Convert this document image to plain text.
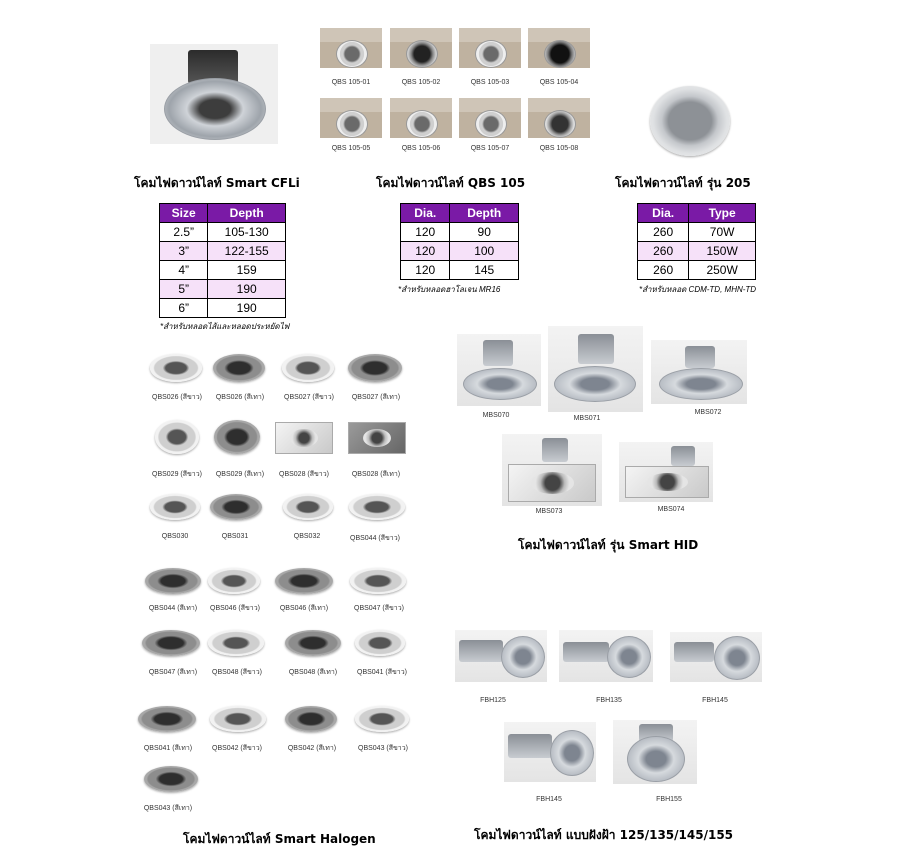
โคมไฟดาวน์ไลท์ Smart CFLi
Size	Depth
2.5”	105-130
3”	122-155
4”	159
5”	190
6”	190
*สำหรับหลอดไส้และหลอดประหยัดไฟ
QBS 105-01	QBS 105-02	QBS 105-03	QBS 105-04
QBS 105-05	QBS 105-06	QBS 105-07	QBS 105-08
โคมไฟดาวน์ไลท์ QBS 105
Dia.	Depth
120	90
120	100
120	145
*สำหรับหลอดฮาโลเจน MR16
โคมไฟดาวน์ไลท์ รุ่น 205
Dia.	Type
260	70W
260	150W
260	250W
*สำหรับหลอด CDM-TD, MHN-TD
QBS026 (สีขาว)	QBS026 (สีเทา)	QBS027 (สีขาว)	QBS027 (สีเทา)
QBS029 (สีขาว)	QBS029 (สีเทา)	QBS028 (สีขาว)	QBS028 (สีเทา)
QBS030	QBS031	QBS032	QBS044 (สีขาว)
QBS044 (สีเทา)	QBS046 (สีขาว)	QBS046 (สีเทา)	QBS047 (สีขาว)
QBS047 (สีเทา)	QBS048 (สีขาว)	QBS048 (สีเทา)	QBS041 (สีขาว)
QBS041 (สีเทา)	QBS042 (สีขาว)	QBS042 (สีเทา)	QBS043 (สีขาว)
QBS043 (สีเทา)
โคมไฟดาวน์ไลท์ Smart Halogen
MBS070	MBS071
MBS072
MBS073	MBS074
โคมไฟดาวน์ไลท์ รุ่น Smart HID
FBH125	FBH135	FBH145
FBH145	FBH155
โคมไฟดาวน์ไลท์ แบบฝังฝ้า 125/135/145/155
